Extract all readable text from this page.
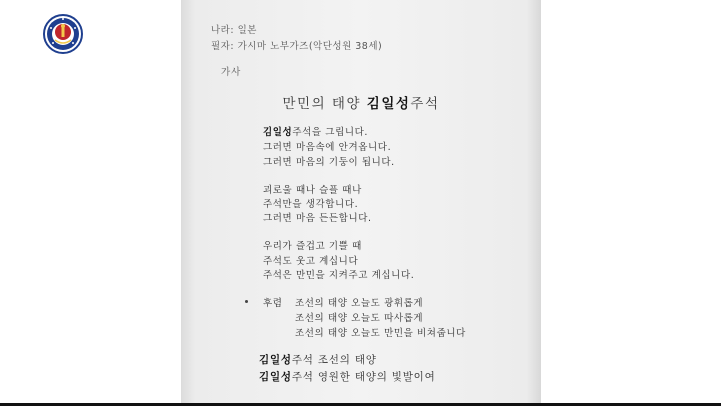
나라: 일본
필자: 가시마 노부가즈(악단성원 38세)
가사
만민의 태양 김일성주석
김일성주석을 그립니다.
그러면 마음속에 안겨옵니다.
그러면 마음의 기둥이 됩니다.
괴로울 때나 슬플 때나
주석만을 생각합니다.
그러면 마음 든든합니다.
우리가 즐겁고 기쁠 때
주석도 웃고 계십니다
주석은 만민을 지켜주고 계십니다.
후렴 조선의 태양 오늘도 광휘롭게
조선의 태양 오늘도 따사롭게
조선의 태양 오늘도 만민을 비쳐줍니다
김일성주석 조선의 태양
김일성주석 영원한 태양의 빛발이여
